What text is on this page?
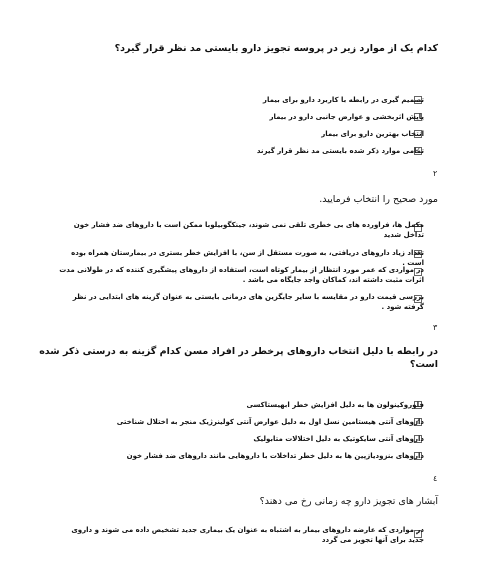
کدام یک از موارد زیر در پروسه تجویز دارو بایستی مد نظر قرار گیرد؟
تصمیم گیری در رابطه با کاربرد دارو برای بیمار
پایش اثربخشی و عوارض جانبی دارو در بیمار
انتخاب بهترین دارو برای بیمار
✓
تمامی موارد ذکر شده بایستی مد نظر قرار گیرند
۲
مورد صحیح را انتخاب فرمایید.
مکمل ها، فراورده های بی خطری تلقی نمی شوند، جینکگوبیلوبا ممکن است با داروهای ضد فشار خون تداخل شدید
✓
تعداد زیاد داروهای دریافتی، به صورت مستقل از سن، با افزایش خطر بستری در بیمارستان همراه بوده است .
در مواردی که عمر مورد انتظار از بیمار کوتاه است، استفاده از داروهای پیشگیری کننده که در طولانی مدت اثرات مثبت داشته اند، کماکان واجد جایگاه می باشد .
بررسی قیمت دارو در مقایسه با سایر جایگزین های درمانی بایستی به عنوان گزینه های ابتدایی در نظر گرفته شود .
۳
در رابطه با دلیل انتخاب داروهای پرخطر در افراد مسن کدام گزینه به درستی ذکر شده است؟
فلوروکینولون ها به دلیل افزایش خطر ابهیستاکسی
✓
داروهای آنتی هیستامین نسل اول به دلیل عوارض آنتی کولینرژیک منجر به اختلال شناختی
داروهای آنتی سایکوتیک به دلیل اختلالات متابولیک
داروهای بنزودیازپین ها به دلیل خطر تداخلات با داروهایی مانند داروهای ضد فشار خون
٤
آبشار های تجویز دارو چه زمانی رخ می دهند؟
✓
در مواردی که عارضه داروهای بیمار به اشتباه به عنوان یک بیماری جدید تشخیص داده می شوند و داروی جدید برای آنها تجویز می گردد
